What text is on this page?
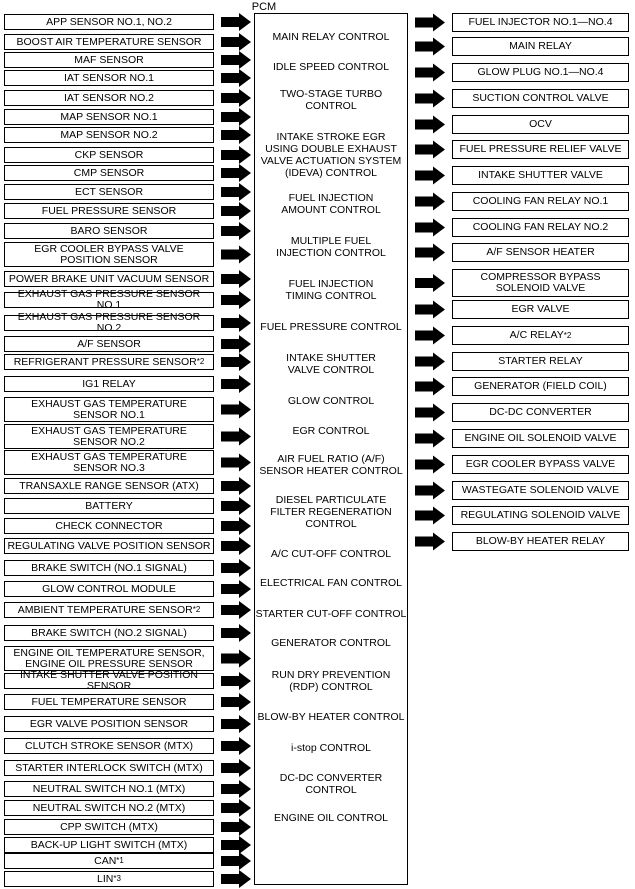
PCM
APP SENSOR NO.1, NO.2
BOOST AIR TEMPERATURE SENSOR
MAF SENSOR
IAT SENSOR NO.1
IAT SENSOR NO.2
MAP SENSOR NO.1
MAP SENSOR NO.2
CKP SENSOR
CMP SENSOR
ECT SENSOR
FUEL PRESSURE SENSOR
BARO SENSOR
EGR COOLER BYPASS VALVE
POSITION SENSOR
POWER BRAKE UNIT VACUUM SENSOR
EXHAUST GAS PRESSURE SENSOR NO.1
EXHAUST GAS PRESSURE SENSOR NO.2
A/F SENSOR
REFRIGERANT PRESSURE SENSOR *2
IG1 RELAY
EXHAUST GAS TEMPERATURE
SENSOR NO.1
EXHAUST GAS TEMPERATURE
SENSOR NO.2
EXHAUST GAS TEMPERATURE
SENSOR NO.3
TRANSAXLE RANGE SENSOR (ATX)
BATTERY
CHECK CONNECTOR
REGULATING VALVE POSITION SENSOR
BRAKE SWITCH (NO.1 SIGNAL)
GLOW CONTROL MODULE
AMBIENT TEMPERATURE SENSOR *2
BRAKE SWITCH (NO.2 SIGNAL)
ENGINE OIL TEMPERATURE SENSOR,
ENGINE OIL PRESSURE SENSOR
INTAKE SHUTTER VALVE POSITION SENSOR
FUEL TEMPERATURE SENSOR
EGR VALVE POSITION SENSOR
CLUTCH STROKE SENSOR (MTX)
STARTER INTERLOCK SWITCH (MTX)
NEUTRAL SWITCH NO.1 (MTX)
NEUTRAL SWITCH NO.2 (MTX)
CPP SWITCH (MTX)
BACK-UP LIGHT SWITCH (MTX)
CAN *1
LIN *3
FUEL INJECTOR NO.1—NO.4
MAIN RELAY
GLOW PLUG NO.1—NO.4
SUCTION CONTROL VALVE
OCV
FUEL PRESSURE RELIEF VALVE
INTAKE SHUTTER VALVE
COOLING FAN RELAY NO.1
COOLING FAN RELAY NO.2
A/F SENSOR HEATER
COMPRESSOR BYPASS
SOLENOID VALVE
EGR VALVE
A/C RELAY *2
STARTER RELAY
GENERATOR (FIELD COIL)
DC-DC CONVERTER
ENGINE OIL SOLENOID VALVE
EGR COOLER BYPASS VALVE
WASTEGATE SOLENOID VALVE
REGULATING SOLENOID VALVE
BLOW-BY HEATER RELAY
MAIN RELAY CONTROL
IDLE SPEED CONTROL
TWO-STAGE TURBO
CONTROL
INTAKE STROKE EGR
USING DOUBLE EXHAUST
VALVE ACTUATION SYSTEM
(IDEVA) CONTROL
FUEL INJECTION
AMOUNT CONTROL
MULTIPLE FUEL
INJECTION CONTROL
FUEL INJECTION
TIMING CONTROL
FUEL PRESSURE CONTROL
INTAKE SHUTTER
VALVE CONTROL
GLOW CONTROL
EGR CONTROL
AIR FUEL RATIO (A/F)
SENSOR HEATER CONTROL
DIESEL PARTICULATE
FILTER REGENERATION
CONTROL
A/C CUT-OFF CONTROL
ELECTRICAL FAN CONTROL
STARTER CUT-OFF CONTROL
GENERATOR CONTROL
RUN DRY PREVENTION
(RDP) CONTROL
BLOW-BY HEATER CONTROL
i-stop CONTROL
DC-DC CONVERTER
CONTROL
ENGINE OIL CONTROL
